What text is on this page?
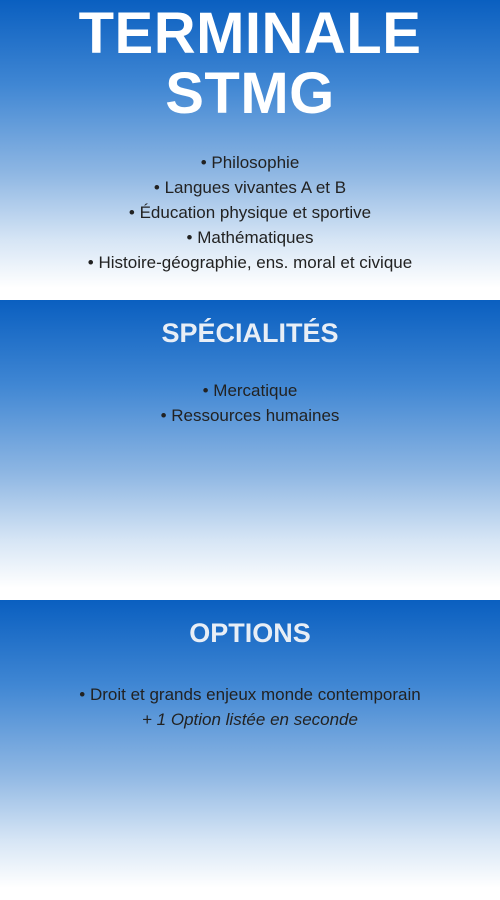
TERMINALE
STMG
• Philosophie
• Langues vivantes A et B
• Éducation physique et sportive
• Mathématiques
• Histoire-géographie, ens. moral et civique
SPÉCIALITÉS
• Mercatique
• Ressources humaines
OPTIONS
• Droit et grands enjeux monde contemporain
+ 1 Option listée en seconde
